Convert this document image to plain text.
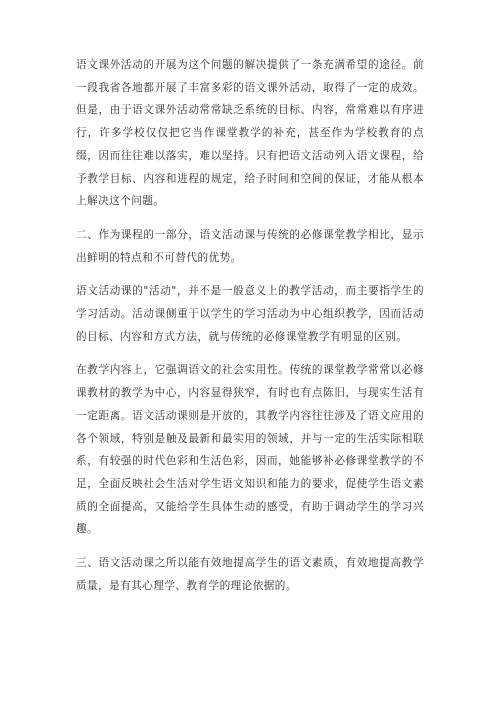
语文课外活动的开展为这个问题的解决提供了一条充满希望的途径。前一段我省各地都开展了丰富多彩的语文课外活动，取得了一定的成效。但是，由于语文课外活动常常缺乏系统的目标、内容，常常难以有序进行，许多学校仅仅把它当作课堂教学的补充，甚至作为学校教育的点缀，因而往往难以落实，难以坚持。只有把语文活动列入语文课程，给予教学目标、内容和进程的规定，给予时间和空间的保证，才能从根本上解决这个问题。

二、作为课程的一部分，语文活动课与传统的必修课堂教学相比，显示出鲜明的特点和不可替代的优势。

语文活动课的"活动"，并不是一般意义上的教学活动，而主要指学生的学习活动。活动课侧重于以学生的学习活动为中心组织教学，因而活动的目标、内容和方式方法，就与传统的必修课堂教学有明显的区别。

在教学内容上，它强调语文的社会实用性。传统的课堂教学常常以必修课教材的教学为中心，内容显得狭窄，有时也有点陈旧，与现实生活有一定距离。语文活动课则是开放的，其教学内容往往涉及了语文应用的各个领域，特别是触及最新和最实用的领域，并与一定的生活实际相联系，有较强的时代色彩和生活色彩，因而，她能够补必修课堂教学的不足，全面反映社会生活对学生语文知识和能力的要求，促使学生语文素质的全面提高，又能给学生具体生动的感受，有助于调动学生的学习兴趣。

三、语文活动课之所以能有效地提高学生的语文素质，有效地提高教学质量，是有其心理学、教育学的理论依据的。
